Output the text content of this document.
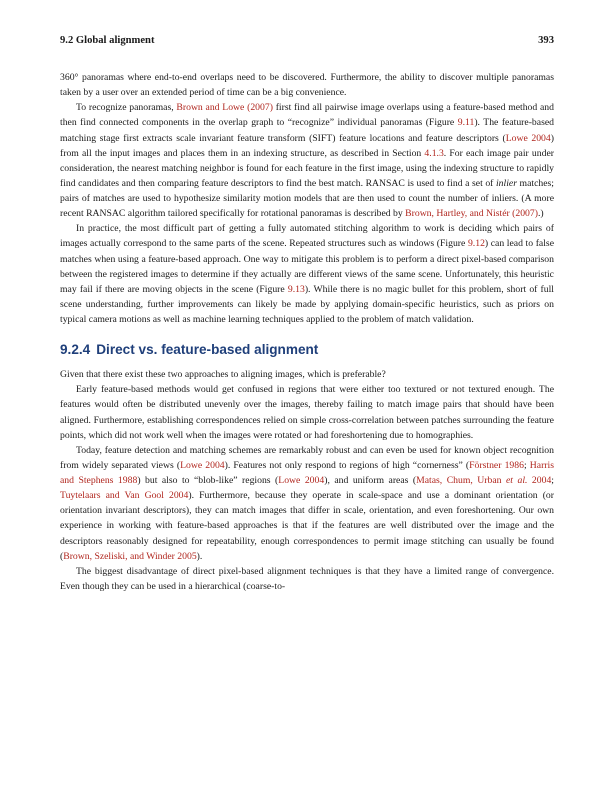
9.2 Global alignment	393

360° panoramas where end-to-end overlaps need to be discovered. Furthermore, the ability to discover multiple panoramas taken by a user over an extended period of time can be a big convenience.

To recognize panoramas, Brown and Lowe (2007) first find all pairwise image overlaps using a feature-based method and then find connected components in the overlap graph to “recognize” individual panoramas (Figure 9.11). The feature-based matching stage first extracts scale invariant feature transform (SIFT) feature locations and feature descriptors (Lowe 2004) from all the input images and places them in an indexing structure, as described in Section 4.1.3. For each image pair under consideration, the nearest matching neighbor is found for each feature in the first image, using the indexing structure to rapidly find candidates and then comparing feature descriptors to find the best match. RANSAC is used to find a set of inlier matches; pairs of matches are used to hypothesize similarity motion models that are then used to count the number of inliers. (A more recent RANSAC algorithm tailored specifically for rotational panoramas is described by Brown, Hartley, and Nistér (2007).)

In practice, the most difficult part of getting a fully automated stitching algorithm to work is deciding which pairs of images actually correspond to the same parts of the scene. Repeated structures such as windows (Figure 9.12) can lead to false matches when using a feature-based approach. One way to mitigate this problem is to perform a direct pixel-based comparison between the registered images to determine if they actually are different views of the same scene. Unfortunately, this heuristic may fail if there are moving objects in the scene (Figure 9.13). While there is no magic bullet for this problem, short of full scene understanding, further improvements can likely be made by applying domain-specific heuristics, such as priors on typical camera motions as well as machine learning techniques applied to the problem of match validation.

9.2.4 Direct vs. feature-based alignment

Given that there exist these two approaches to aligning images, which is preferable?

Early feature-based methods would get confused in regions that were either too textured or not textured enough. The features would often be distributed unevenly over the images, thereby failing to match image pairs that should have been aligned. Furthermore, establishing correspondences relied on simple cross-correlation between patches surrounding the feature points, which did not work well when the images were rotated or had foreshortening due to homographies.

Today, feature detection and matching schemes are remarkably robust and can even be used for known object recognition from widely separated views (Lowe 2004). Features not only respond to regions of high “cornerness” (Förstner 1986; Harris and Stephens 1988) but also to “blob-like” regions (Lowe 2004), and uniform areas (Matas, Chum, Urban et al. 2004; Tuytelaars and Van Gool 2004). Furthermore, because they operate in scale-space and use a dominant orientation (or orientation invariant descriptors), they can match images that differ in scale, orientation, and even foreshortening. Our own experience in working with feature-based approaches is that if the features are well distributed over the image and the descriptors reasonably designed for repeatability, enough correspondences to permit image stitching can usually be found (Brown, Szeliski, and Winder 2005).

The biggest disadvantage of direct pixel-based alignment techniques is that they have a limited range of convergence. Even though they can be used in a hierarchical (coarse-to-
